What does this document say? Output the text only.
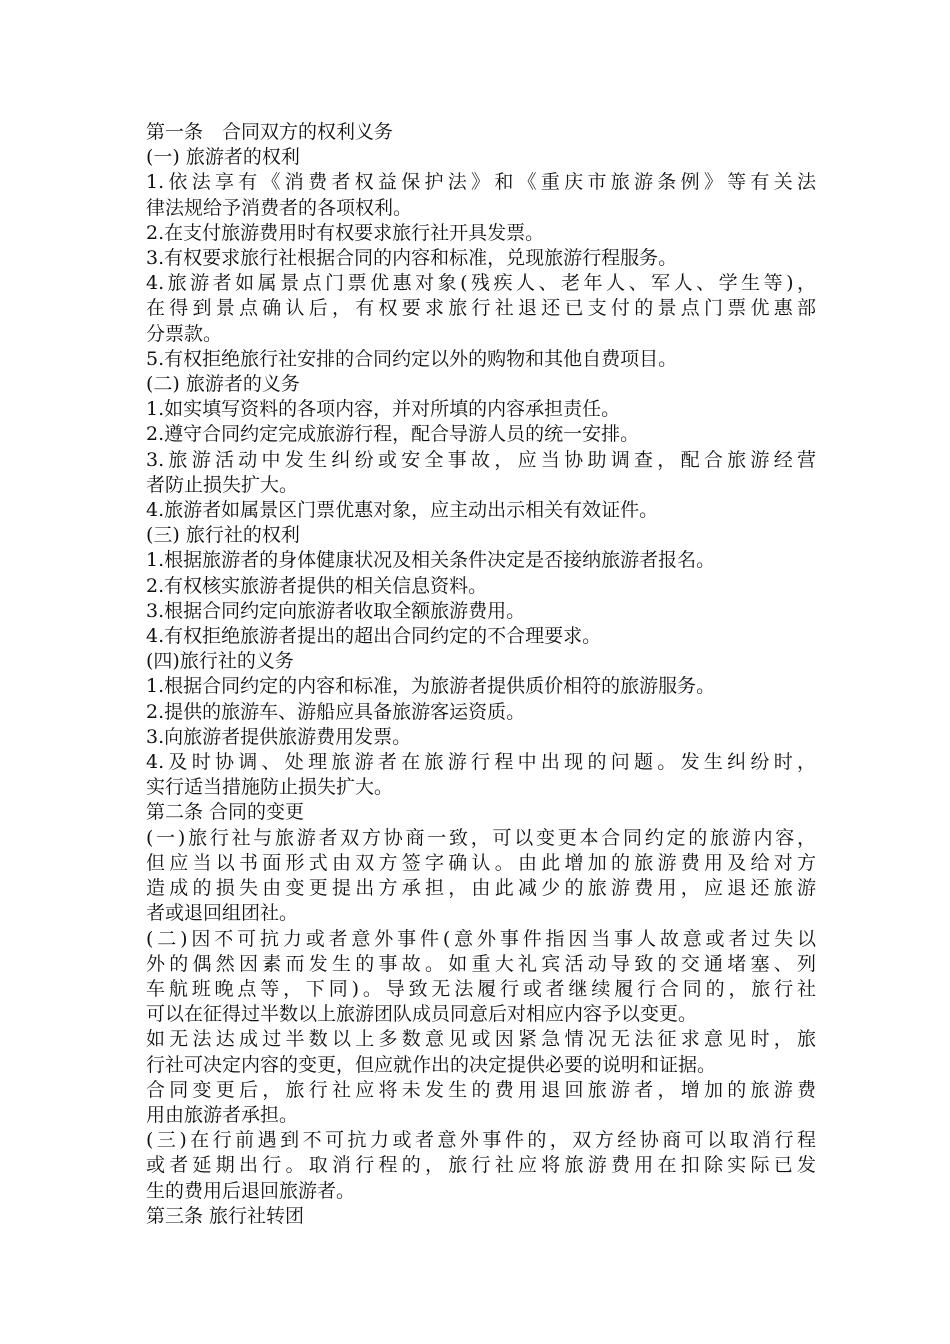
第一条　合同双方的权利义务
(一) 旅游者的权利
1.依法享有《消费者权益保护法》和《重庆市旅游条例》等有关法
律法规给予消费者的各项权利。
2.在支付旅游费用时有权要求旅行社开具发票。
3.有权要求旅行社根据合同的内容和标准，兑现旅游行程服务。
4.旅游者如属景点门票优惠对象(残疾人、老年人、军人、学生等)，
在得到景点确认后，有权要求旅行社退还已支付的景点门票优惠部
分票款。
5.有权拒绝旅行社安排的合同约定以外的购物和其他自费项目。
(二) 旅游者的义务
1.如实填写资料的各项内容，并对所填的内容承担责任。
2.遵守合同约定完成旅游行程，配合导游人员的统一安排。
3.旅游活动中发生纠纷或安全事故，应当协助调查，配合旅游经营
者防止损失扩大。
4.旅游者如属景区门票优惠对象，应主动出示相关有效证件。
(三) 旅行社的权利
1.根据旅游者的身体健康状况及相关条件决定是否接纳旅游者报名。
2.有权核实旅游者提供的相关信息资料。
3.根据合同约定向旅游者收取全额旅游费用。
4.有权拒绝旅游者提出的超出合同约定的不合理要求。
(四)旅行社的义务
1.根据合同约定的内容和标准，为旅游者提供质价相符的旅游服务。
2.提供的旅游车、游船应具备旅游客运资质。
3.向旅游者提供旅游费用发票。
4.及时协调、处理旅游者在旅游行程中出现的问题。发生纠纷时，
实行适当措施防止损失扩大。
第二条 合同的变更
(一)旅行社与旅游者双方协商一致，可以变更本合同约定的旅游内容，
但应当以书面形式由双方签字确认。由此增加的旅游费用及给对方
造成的损失由变更提出方承担，由此减少的旅游费用，应退还旅游
者或退回组团社。
(二)因不可抗力或者意外事件(意外事件指因当事人故意或者过失以
外的偶然因素而发生的事故。如重大礼宾活动导致的交通堵塞、列
车航班晚点等，下同)。导致无法履行或者继续履行合同的，旅行社
可以在征得过半数以上旅游团队成员同意后对相应内容予以变更。
如无法达成过半数以上多数意见或因紧急情况无法征求意见时，旅
行社可决定内容的变更，但应就作出的决定提供必要的说明和证据。
合同变更后，旅行社应将未发生的费用退回旅游者，增加的旅游费
用由旅游者承担。
(三)在行前遇到不可抗力或者意外事件的，双方经协商可以取消行程
或者延期出行。取消行程的，旅行社应将旅游费用在扣除实际已发
生的费用后退回旅游者。
第三条 旅行社转团
